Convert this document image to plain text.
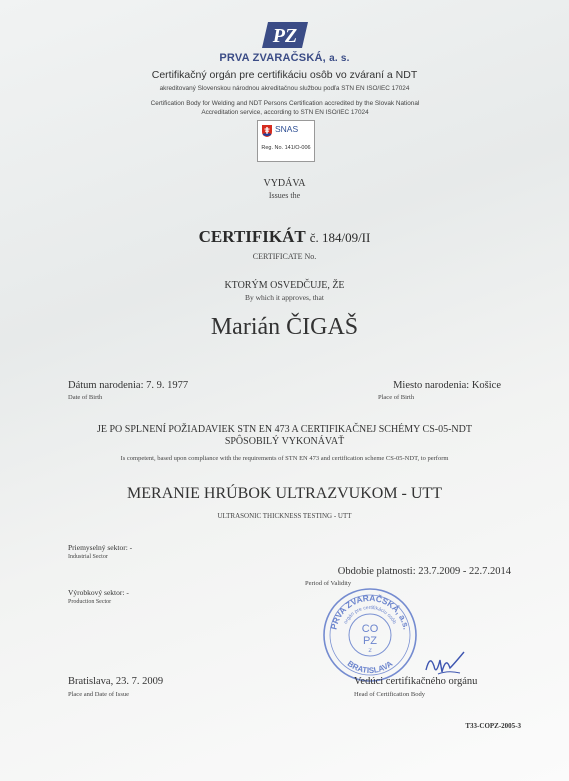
PZ
PRVA ZVARAČSKÁ, a. s.
Certifikačný orgán pre certifikáciu osôb vo zváraní a NDT
akreditovaný Slovenskou národnou akreditačnou službou podľa STN EN ISO/IEC 17024
Certification Body for Welding and NDT Persons Certification accredited by the Slovak National Accreditation service, according to STN EN ISO/IEC 17024
SNAS
Reg. No. 141/O-006
VYDÁVA
Issues the
CERTIFIKÁT č. 184/09/II
CERTIFICATE No.
KTORÝM OSVEDČUJE, ŽE
By which it approves, that
Marián ČIGAŠ
Dátum narodenia: 7. 9. 1977
Date of Birth
Miesto narodenia: Košice
Place of Birth
JE PO SPLNENÍ POŽIADAVIEK STN EN 473 A CERTIFIKAČNEJ SCHÉMY CS-05-NDT
SPÔSOBILÝ VYKONÁVAŤ
Is competent, based upon compliance with the requirements of STN EN 473 and certification scheme CS-05-NDT, to perform
MERANIE HRÚBOK ULTRAZVUKOM - UTT
ULTRASONIC THICKNESS TESTING - UTT
Priemyselný sektor: -
Industrial Sector
Výrobkový sektor: -
Production Sector
Obdobie platnosti: 23.7.2009 - 22.7.2014
Period of Validity
PRVA ZVARAČSKÁ, a.s.
orgán pre certifikáciu osôb
BRATISLAVA
CO
PZ
2
Bratislava, 23. 7. 2009
Place and Date of Issue
Vedúci certifikačného orgánu
Head of Certification Body
T33-COPZ-2005-3
